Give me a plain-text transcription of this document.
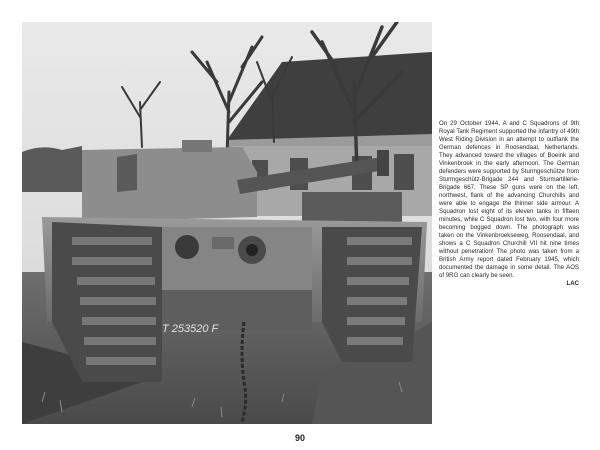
T 253520 F

On 29 October 1944, A and C Squadrons of 9th Royal Tank Regiment supported the infantry of 49th West Riding Division in an attempt to outflank the German defences in Roosendaal, Netherlands. They advanced toward the villages of Boeink and Vinkenbroek in the early afternoon. The German defenders were supported by Sturmgeschütze from Sturmgeschütz-Brigade 244 and Sturmartillerie-Brigade 667. These SP guns were on the left, northwest, flank of the advancing Churchills and were able to engage the thinner side armour. A Squadron lost eight of its eleven tanks in fifteen minutes, while C Squadron lost two, with four more becoming bogged down. The photograph was taken on the Vinkenbroekseweg, Roosendaal, and shows a C Squadron Churchill VII hit nine times without penetration! The photo was taken from a British Army report dated February 1945, which documented the damage in some detail. The AOS of 9RG can clearly be seen.

LAC
90
